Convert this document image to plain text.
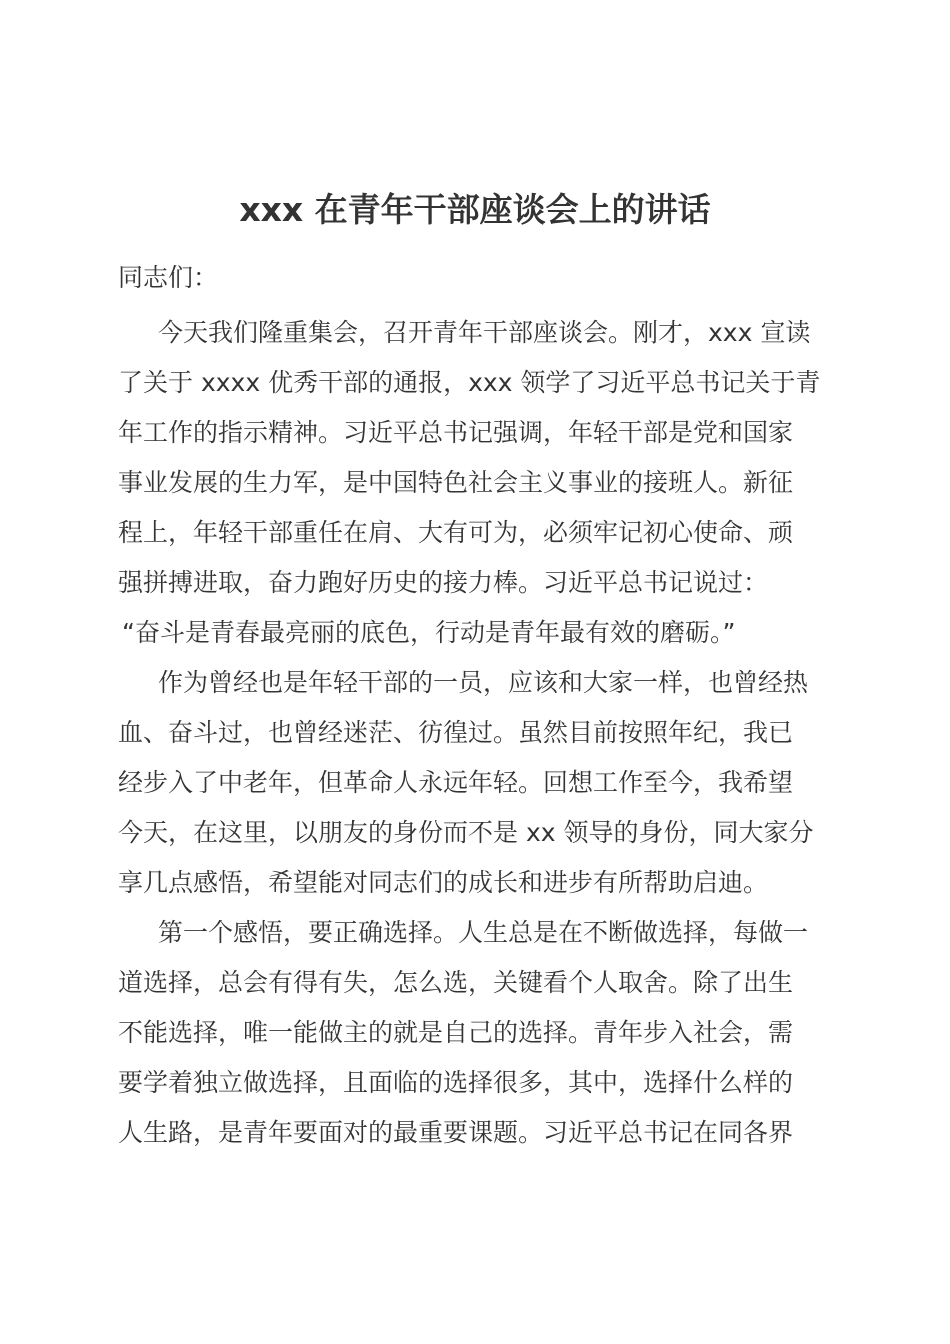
xxx 在青年干部座谈会上的讲话
同志们：
今天我们隆重集会，召开青年干部座谈会。刚才，xxx 宣读
了关于 xxxx 优秀干部的通报，xxx 领学了习近平总书记关于青
年工作的指示精神。习近平总书记强调，年轻干部是党和国家
事业发展的生力军，是中国特色社会主义事业的接班人。新征
程上，年轻干部重任在肩、大有可为，必须牢记初心使命、顽
强拼搏进取，奋力跑好历史的接力棒。习近平总书记说过：
“奋斗是青春最亮丽的底色，行动是青年最有效的磨砺。”
作为曾经也是年轻干部的一员，应该和大家一样，也曾经热
血、奋斗过，也曾经迷茫、彷徨过。虽然目前按照年纪，我已
经步入了中老年，但革命人永远年轻。回想工作至今，我希望
今天，在这里，以朋友的身份而不是 xx 领导的身份，同大家分
享几点感悟，希望能对同志们的成长和进步有所帮助启迪。
第一个感悟，要正确选择。人生总是在不断做选择，每做一
道选择，总会有得有失，怎么选，关键看个人取舍。除了出生
不能选择，唯一能做主的就是自己的选择。青年步入社会，需
要学着独立做选择，且面临的选择很多，其中，选择什么样的
人生路，是青年要面对的最重要课题。习近平总书记在同各界
